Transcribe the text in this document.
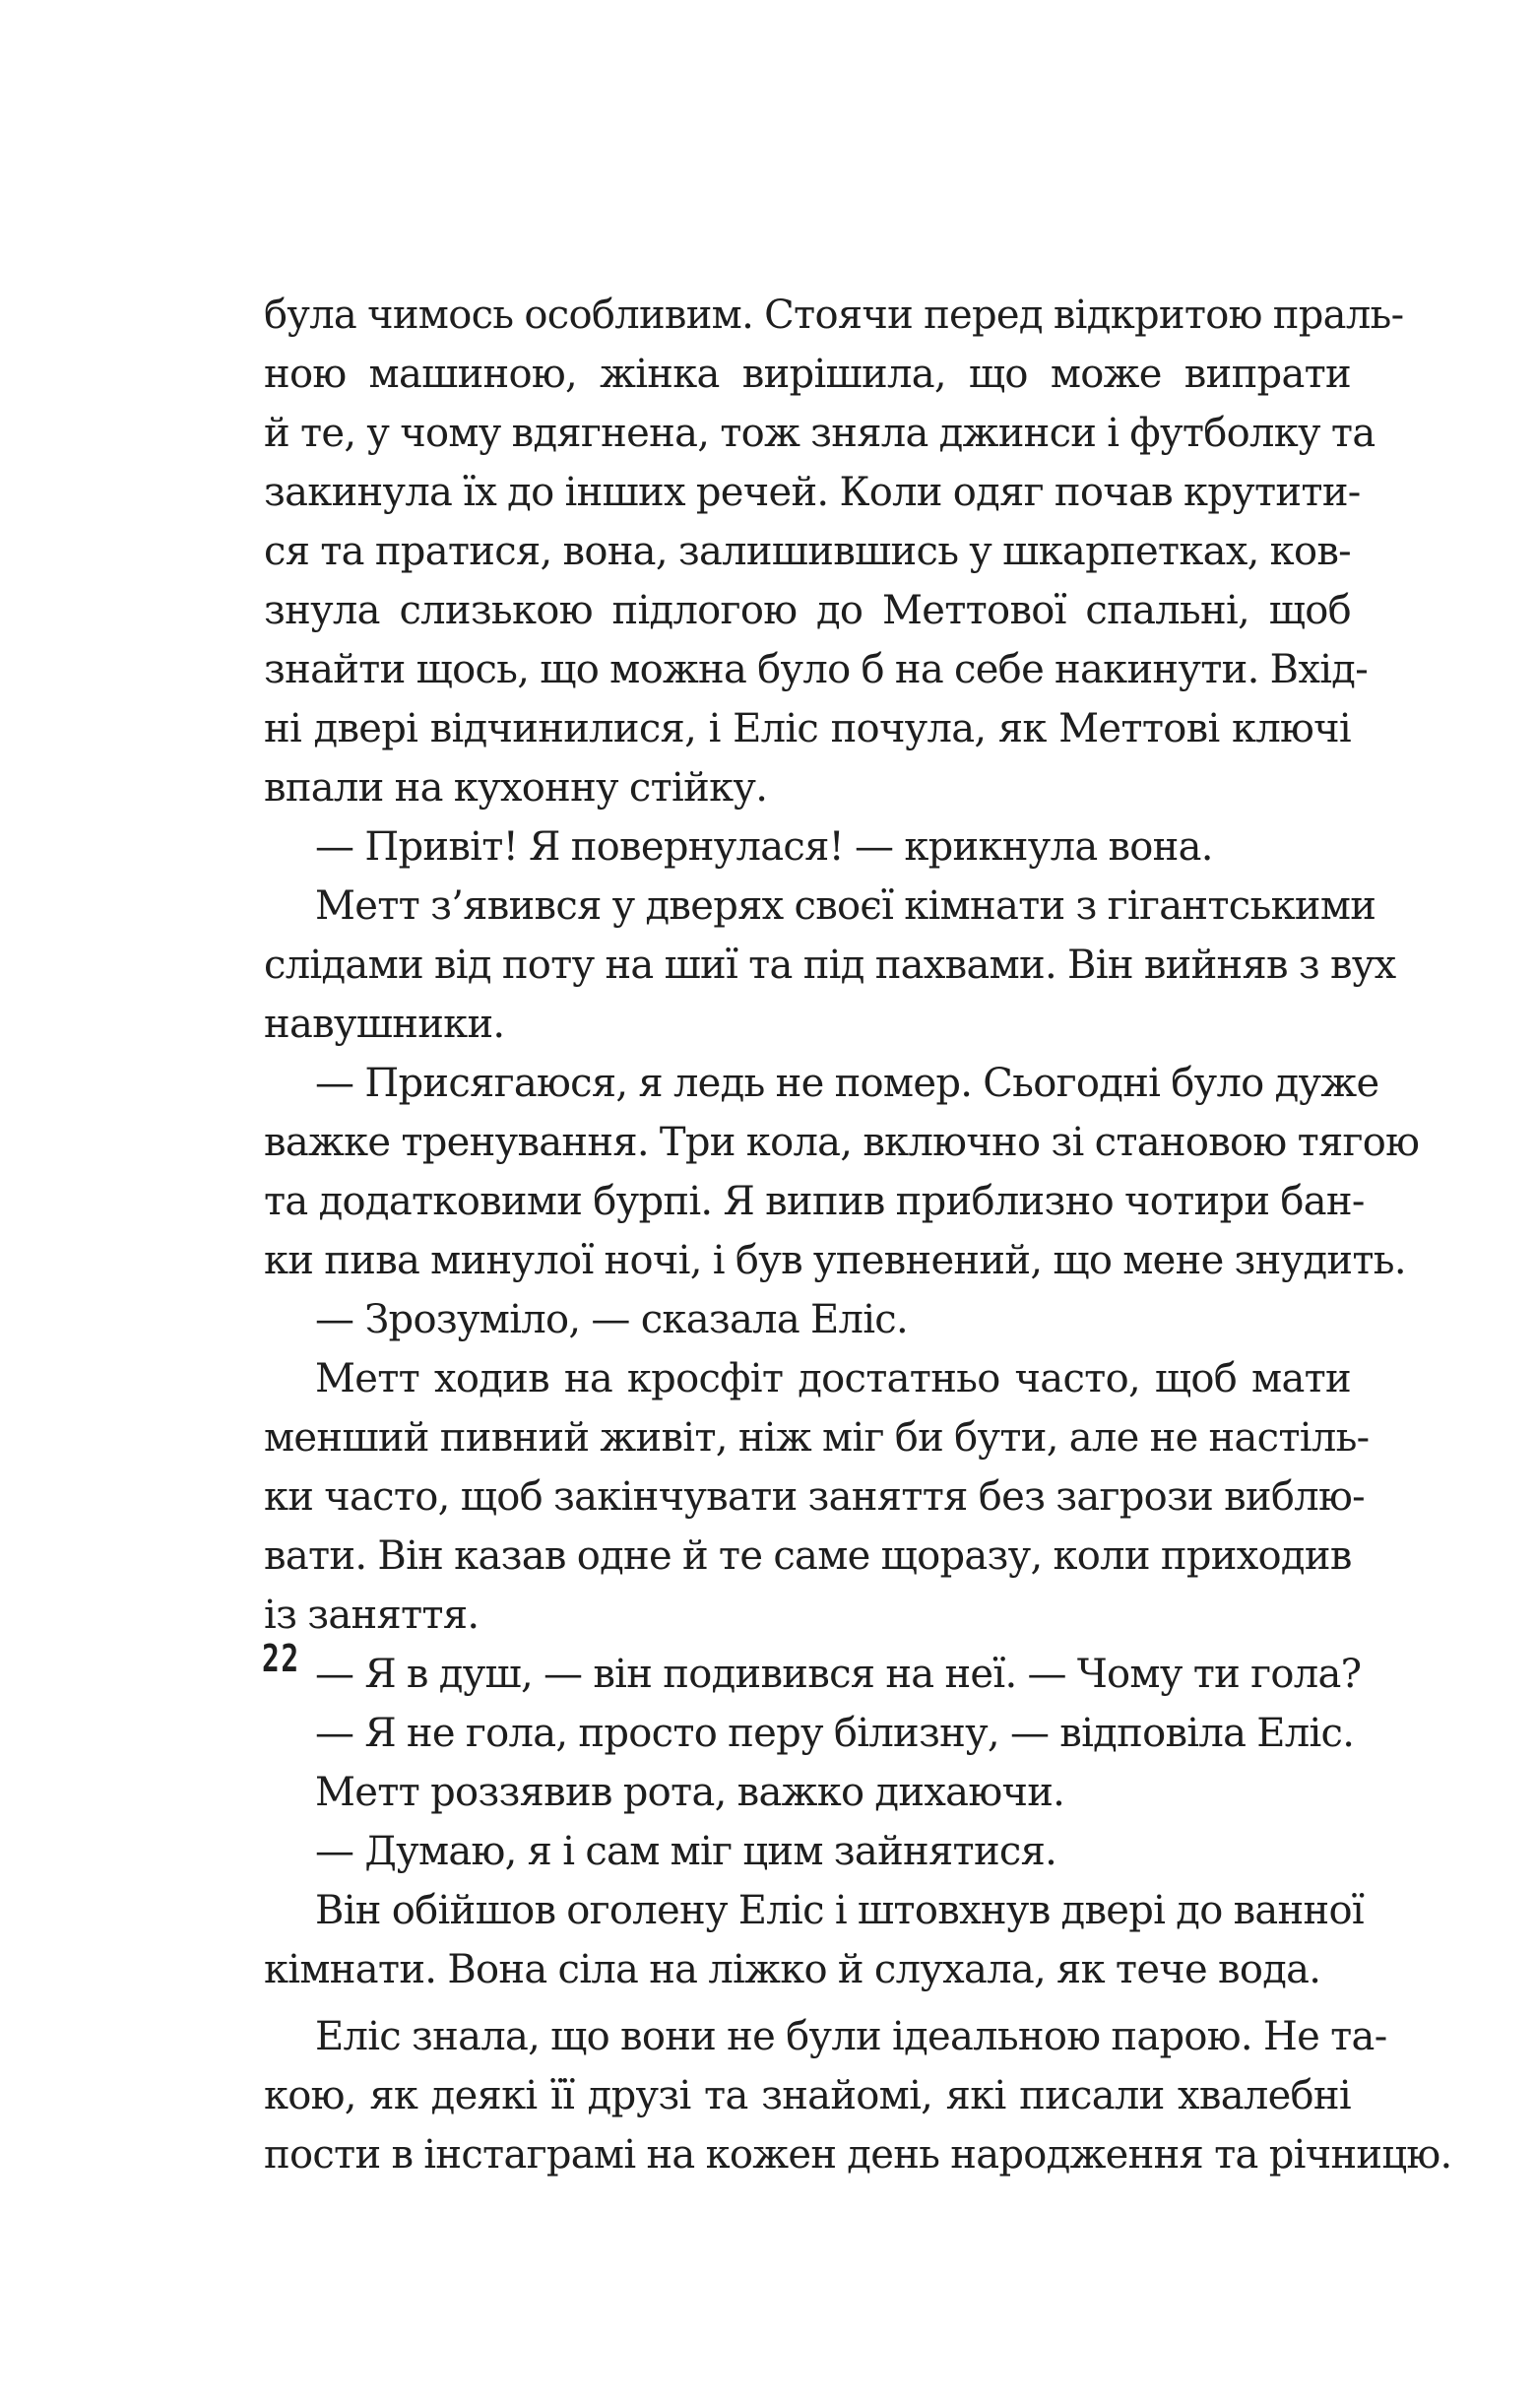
була чимось особливим. Стоячи перед відкритою праль-
ною машиною, жінка вирішила, що може випрати
й те, у чому вдягнена, тож зняла джинси і футболку та
закинула їх до інших речей. Коли одяг почав крутити-
ся та пратися, вона, залишившись у шкарпетках, ков-
знула слизькою підлогою до Меттової спальні, щоб
знайти щось, що можна було б на себе накинути. Вхід-
ні двері відчинилися, і Еліс почула, як Меттові ключі
впали на кухонну стійку.
— Привіт! Я повернулася! — крикнула вона.
Метт з’явився у дверях своєї кімнати з гігантськими
слідами від поту на шиї та під пахвами. Він вийняв з вух
навушники.
— Присягаюся, я ледь не помер. Сьогодні було дуже
важке тренування. Три кола, включно зі становою тягою
та додатковими бурпі. Я випив приблизно чотири бан-
ки пива минулої ночі, і був упевнений, що мене знудить.
— Зрозуміло, — сказала Еліс.
Метт ходив на кросфіт достатньо часто, щоб мати
менший пивний живіт, ніж міг би бути, але не настіль-
ки часто, щоб закінчувати заняття без загрози виблю-
вати. Він казав одне й те саме щоразу, коли приходив
із заняття.
— Я в душ, — він подивився на неї. — Чому ти гола?
— Я не гола, просто перу білизну, — відповіла Еліс.
Метт роззявив рота, важко дихаючи.
— Думаю, я і сам міг цим зайнятися.
Він обійшов оголену Еліс і штовхнув двері до ванної
кімнати. Вона сіла на ліжко й слухала, як тече вода.
Еліс знала, що вони не були ідеальною парою. Не та-
кою, як деякі її друзі та знайомі, які писали хвалебні
пости в інстаграмі на кожен день народження та річницю.
22
